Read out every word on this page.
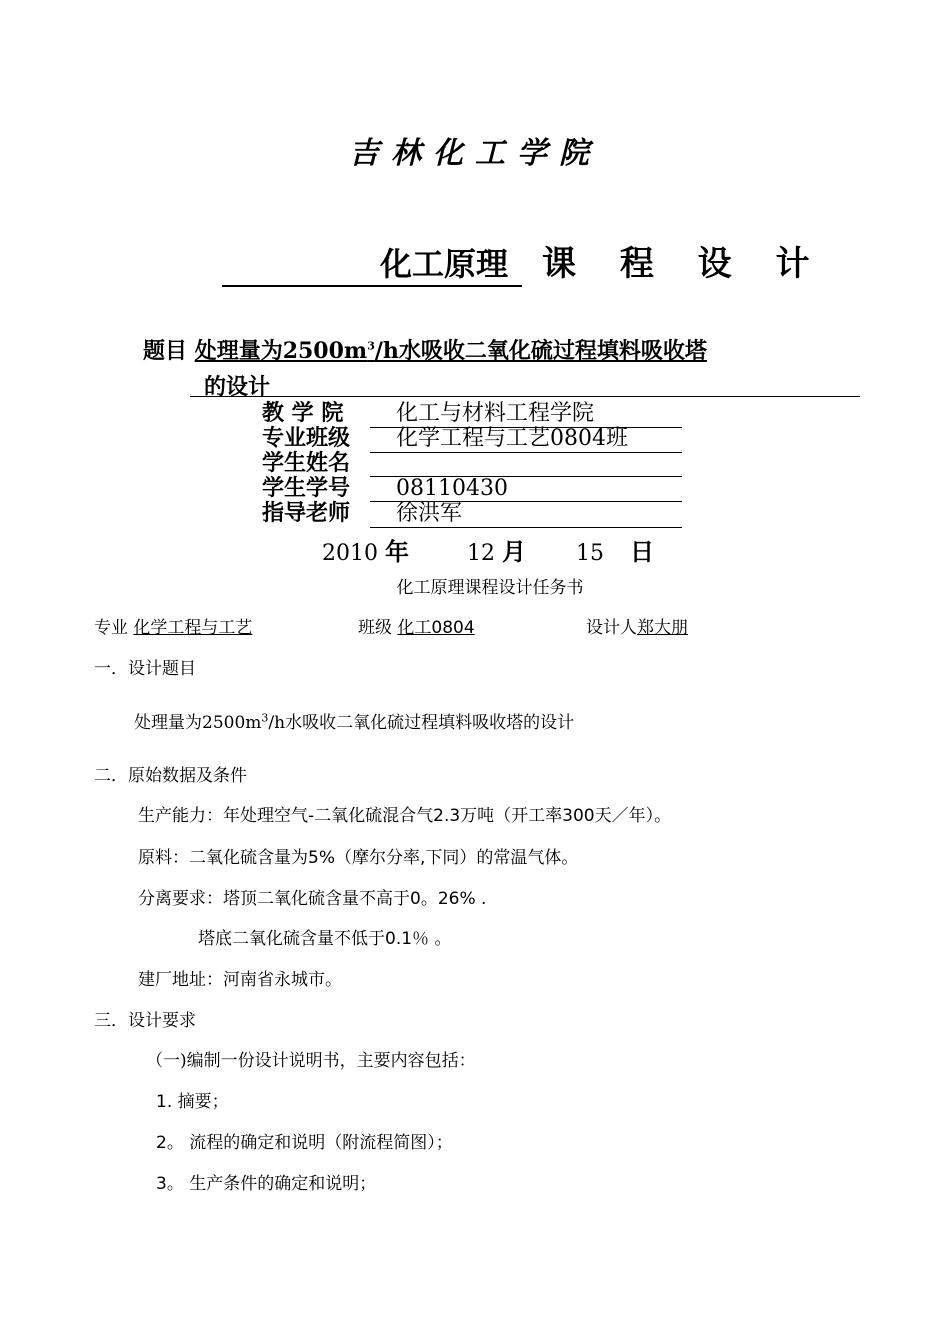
吉林化工学院
化工原理 课 程 设 计
题目 处理量为$2500m^3/h$水吸收二氧化硫过程填料吸收塔
的设计
教 学 院 化工与材料工程学院
专业班级 化学工程与工艺0804班
学生姓名
学生学号 08110430
指导老师 徐洪军
2010 年	12 月 15 日
化工原理课程设计任务书
专业 化学工程与工艺	班级 化工0804	设计人郑大朋
一．设计题目
处理量为$2500m^3/h$水吸收二氧化硫过程填料吸收塔的设计
二．原始数据及条件
生产能力：年处理空气-二氧化硫混合气2.3万吨（开工率300天／年）。
原料：二氧化硫含量为5%（摩尔分率,下同）的常温气体。
分离要求：塔顶二氧化硫含量不高于0。26% .
塔底二氧化硫含量不低于0.1％ 。
建厂地址：河南省永城市。
三．设计要求
（一)编制一份设计说明书，主要内容包括：
1. 摘要；
2。 流程的确定和说明（附流程简图）；
3。 生产条件的确定和说明；
